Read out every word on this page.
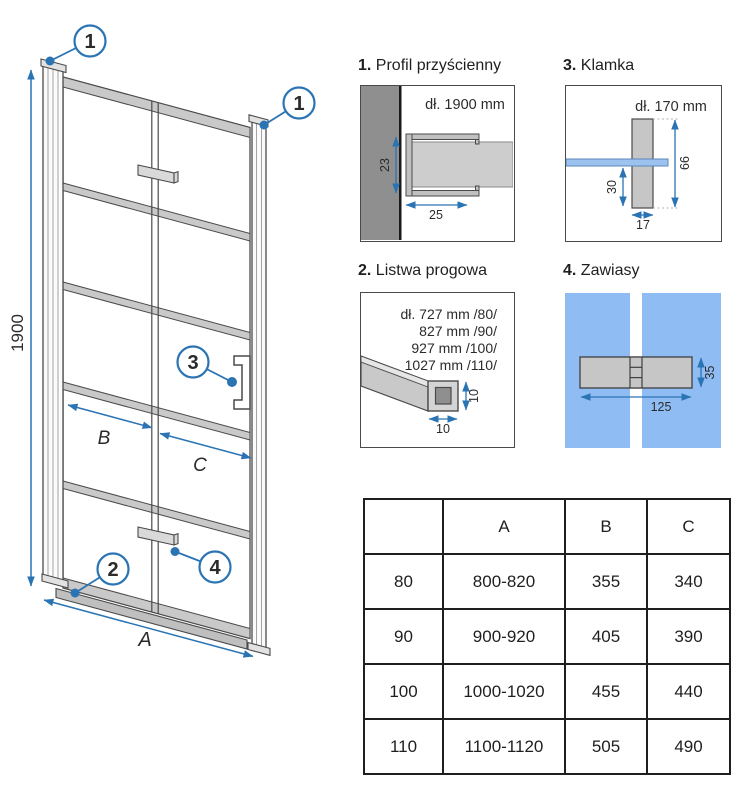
1900
A
B
C
1
1
3
2	4
1. Profil przyścienny
dł. 1900 mm
23
25
3. Klamka
dł. 170 mm
66
30
17
2. Listwa progowa
dł. 727 mm /80/
827 mm /90/
927 mm /100/
1027 mm /110/
10
10
4. Zawiasy
35
125
	A	B	C
80	800-820	355	340
90	900-920	405	390
100	1000-1020	455	440
110	1100-1120	505	490
